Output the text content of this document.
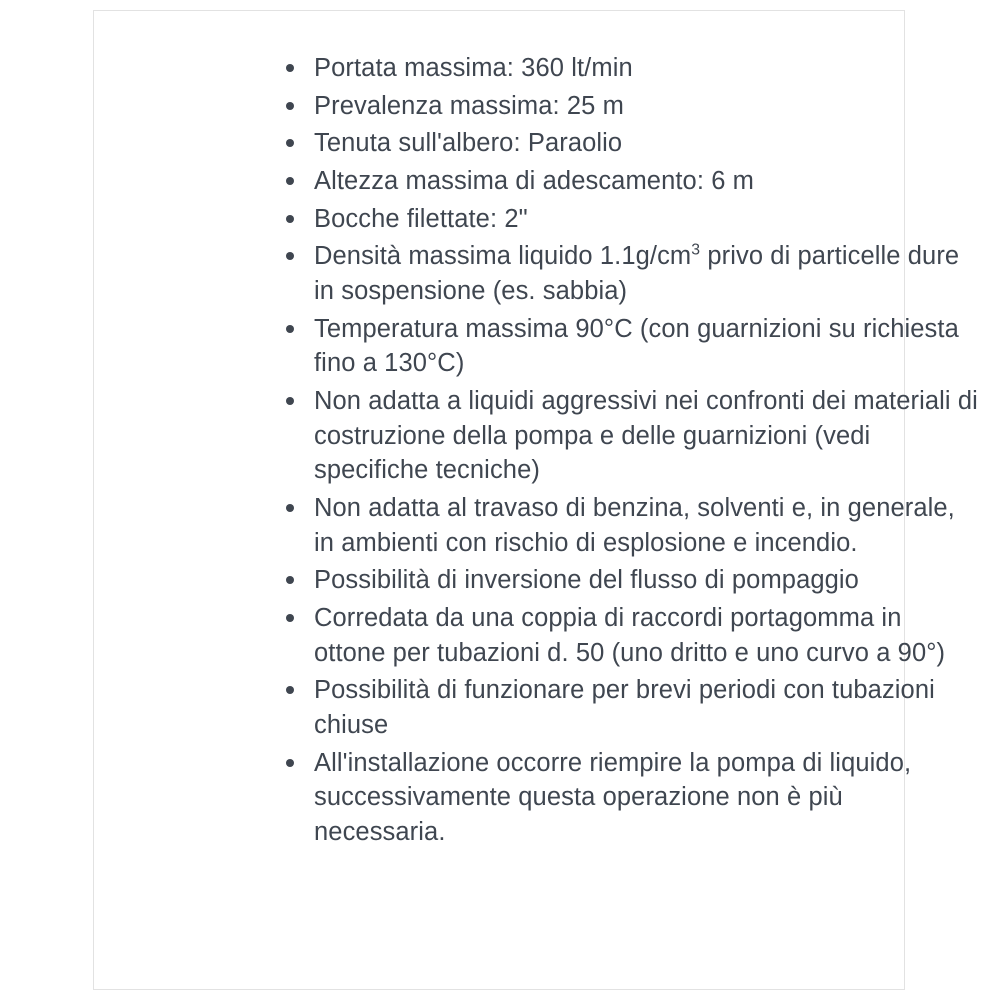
Portata massima: 360 lt/min
Prevalenza massima: 25 m
Tenuta sull'albero: Paraolio
Altezza massima di adescamento: 6 m
Bocche filettate: 2"
Densità massima liquido $1.1g/cm^3$ privo di particelle dure in sospensione (es. sabbia)
Temperatura massima 90°C (con guarnizioni su richiesta fino a 130°C)
Non adatta a liquidi aggressivi nei confronti dei materiali di costruzione della pompa e delle guarnizioni (vedi specifiche tecniche)
Non adatta al travaso di benzina, solventi e, in generale, in ambienti con rischio di esplosione e incendio.
Possibilità di inversione del flusso di pompaggio
Corredata da una coppia di raccordi portagomma in ottone per tubazioni d. 50 (uno dritto e uno curvo a 90°)
Possibilità di funzionare per brevi periodi con tubazioni chiuse
All'installazione occorre riempire la pompa di liquido, successivamente questa operazione non è più necessaria.
